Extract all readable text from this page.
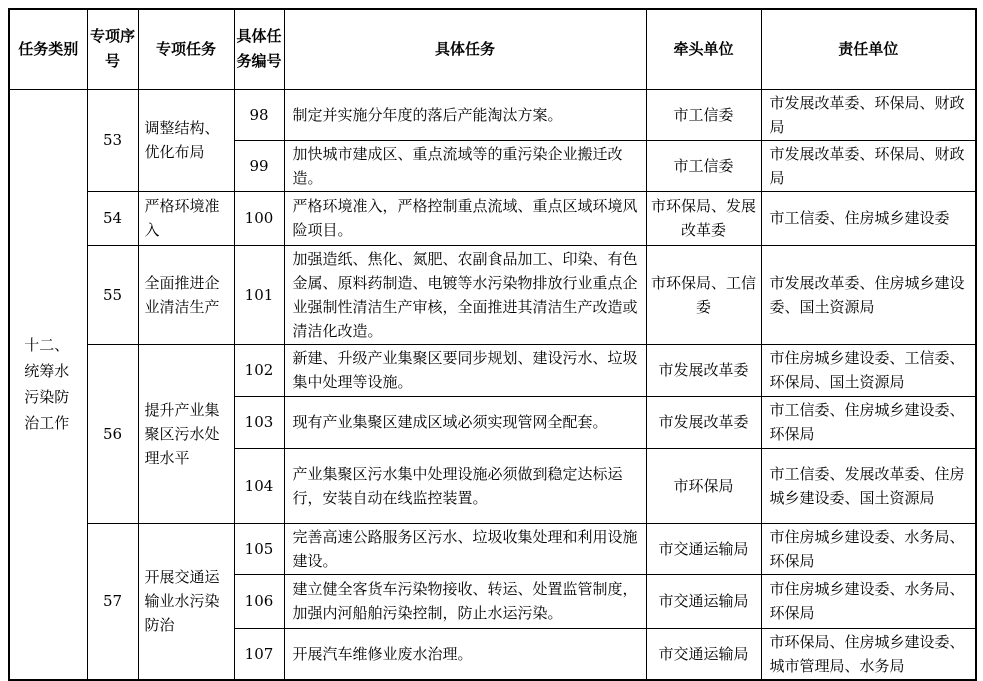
任务类别	专项序号	专项任务	具体任务编号	具体任务	牵头单位	责任单位

十二、统筹水污染防治工作	53	调整结构、优化布局	98	制定并实施分年度的落后产能淘汰方案。	市工信委	市发展改革委、环保局、财政局
			99	加快城市建成区、重点流域等的重污染企业搬迁改造。	市工信委	市发展改革委、环保局、财政局
	54	严格环境准入	100	严格环境准入，严格控制重点流域、重点区域环境风险项目。	市环保局、发展改革委	市工信委、住房城乡建设委
	55	全面推进企业清洁生产	101	加强造纸、焦化、氮肥、农副食品加工、印染、有色金属、原料药制造、电镀等水污染物排放行业重点企业强制性清洁生产审核，全面推进其清洁生产改造或清洁化改造。	市环保局、工信委	市发展改革委、住房城乡建设委、国土资源局
	56	提升产业集聚区污水处理水平	102	新建、升级产业集聚区要同步规划、建设污水、垃圾集中处理等设施。	市发展改革委	市住房城乡建设委、工信委、环保局、国土资源局
			103	现有产业集聚区建成区域必须实现管网全配套。	市发展改革委	市工信委、住房城乡建设委、环保局
			104	产业集聚区污水集中处理设施必须做到稳定达标运行，安装自动在线监控装置。	市环保局	市工信委、发展改革委、住房城乡建设委、国土资源局
	57	开展交通运输业水污染防治	105	完善高速公路服务区污水、垃圾收集处理和利用设施建设。	市交通运输局	市住房城乡建设委、水务局、环保局
			106	建立健全客货车污染物接收、转运、处置监管制度，加强内河船舶污染控制，防止水运污染。	市交通运输局	市住房城乡建设委、水务局、环保局
			107	开展汽车维修业废水治理。	市交通运输局	市环保局、住房城乡建设委、城市管理局、水务局
